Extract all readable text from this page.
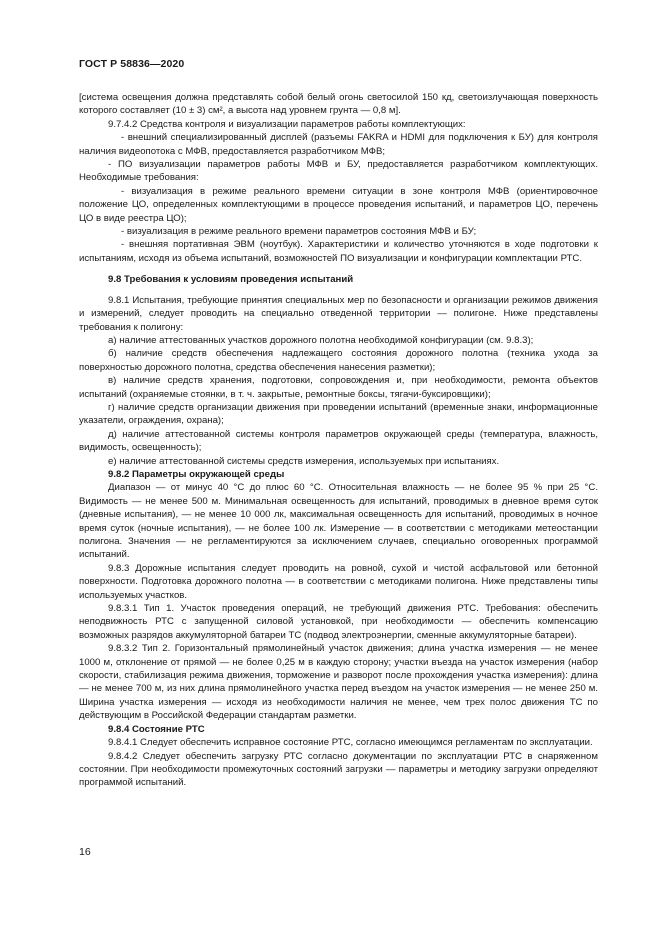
ГОСТ Р 58836—2020

[система освещения должна представлять собой белый огонь светосилой 150 кд, светоизлучающая поверхность которого составляет (10 ± 3) см², а высота над уровнем грунта — 0,8 м].

9.7.4.2 Средства контроля и визуализации параметров работы комплектующих:

- внешний специализированный дисплей (разъемы FAKRA и HDMI для подключения к БУ) для контроля наличия видеопотока с МФВ, предоставляется разработчиком МФВ;

- ПО визуализации параметров работы МФВ и БУ, предоставляется разработчиком комплектующих. Необходимые требования:

- визуализация в режиме реального времени ситуации в зоне контроля МФВ (ориентировочное положение ЦО, определенных комплектующими в процессе проведения испытаний, и параметров ЦО, перечень ЦО в виде реестра ЦО);

- визуализация в режиме реального времени параметров состояния МФВ и БУ;

- внешняя портативная ЭВМ (ноутбук). Характеристики и количество уточняются в ходе подготовки к испытаниям, исходя из объема испытаний, возможностей ПО визуализации и конфигурации комплектации РТС.

9.8 Требования к условиям проведения испытаний

9.8.1 Испытания, требующие принятия специальных мер по безопасности и организации режимов движения и измерений, следует проводить на специально отведенной территории — полигоне. Ниже представлены требования к полигону:

а) наличие аттестованных участков дорожного полотна необходимой конфигурации (см. 9.8.3);

б) наличие средств обеспечения надлежащего состояния дорожного полотна (техника ухода за поверхностью дорожного полотна, средства обеспечения нанесения разметки);

в) наличие средств хранения, подготовки, сопровождения и, при необходимости, ремонта объектов испытаний (охраняемые стоянки, в т. ч. закрытые, ремонтные боксы, тягачи-буксировщики);

г) наличие средств организации движения при проведении испытаний (временные знаки, информационные указатели, ограждения, охрана);

д) наличие аттестованной системы контроля параметров окружающей среды (температура, влажность, видимость, освещенность);

е) наличие аттестованной системы средств измерения, используемых при испытаниях.

9.8.2 Параметры окружающей среды

Диапазон — от минус 40 °С до плюс 60 °С. Относительная влажность — не более 95 % при 25 °С. Видимость — не менее 500 м. Минимальная освещенность для испытаний, проводимых в дневное время суток (дневные испытания), — не менее 10 000 лк, максимальная освещенность для испытаний, проводимых в ночное время суток (ночные испытания), — не более 100 лк. Измерение — в соответствии с методиками метеостанции полигона. Значения — не регламентируются за исключением случаев, специально оговоренных программой испытаний.

9.8.3 Дорожные испытания следует проводить на ровной, сухой и чистой асфальтовой или бетонной поверхности. Подготовка дорожного полотна — в соответствии с методиками полигона. Ниже представлены типы используемых участков.

9.8.3.1 Тип 1. Участок проведения операций, не требующий движения РТС. Требования: обеспечить неподвижность РТС с запущенной силовой установкой, при необходимости — обеспечить компенсацию возможных разрядов аккумуляторной батареи ТС (подвод электроэнергии, сменные аккумуляторные батареи).

9.8.3.2 Тип 2. Горизонтальный прямолинейный участок движения; длина участка измерения — не менее 1000 м, отклонение от прямой — не более 0,25 м в каждую сторону; участки въезда на участок измерения (набор скорости, стабилизация режима движения, торможение и разворот после прохождения участка измерения): длина — не менее 700 м, из них длина прямолинейного участка перед въездом на участок измерения — не менее 250 м. Ширина участка измерения — исходя из необходимости наличия не менее, чем трех полос движения ТС по действующим в Российской Федерации стандартам разметки.

9.8.4 Состояние РТС

9.8.4.1 Следует обеспечить исправное состояние РТС, согласно имеющимся регламентам по эксплуатации.

9.8.4.2 Следует обеспечить загрузку РТС согласно документации по эксплуатации РТС в снаряженном состоянии. При необходимости промежуточных состояний загрузки — параметры и методику загрузки определяют программой испытаний.

16
